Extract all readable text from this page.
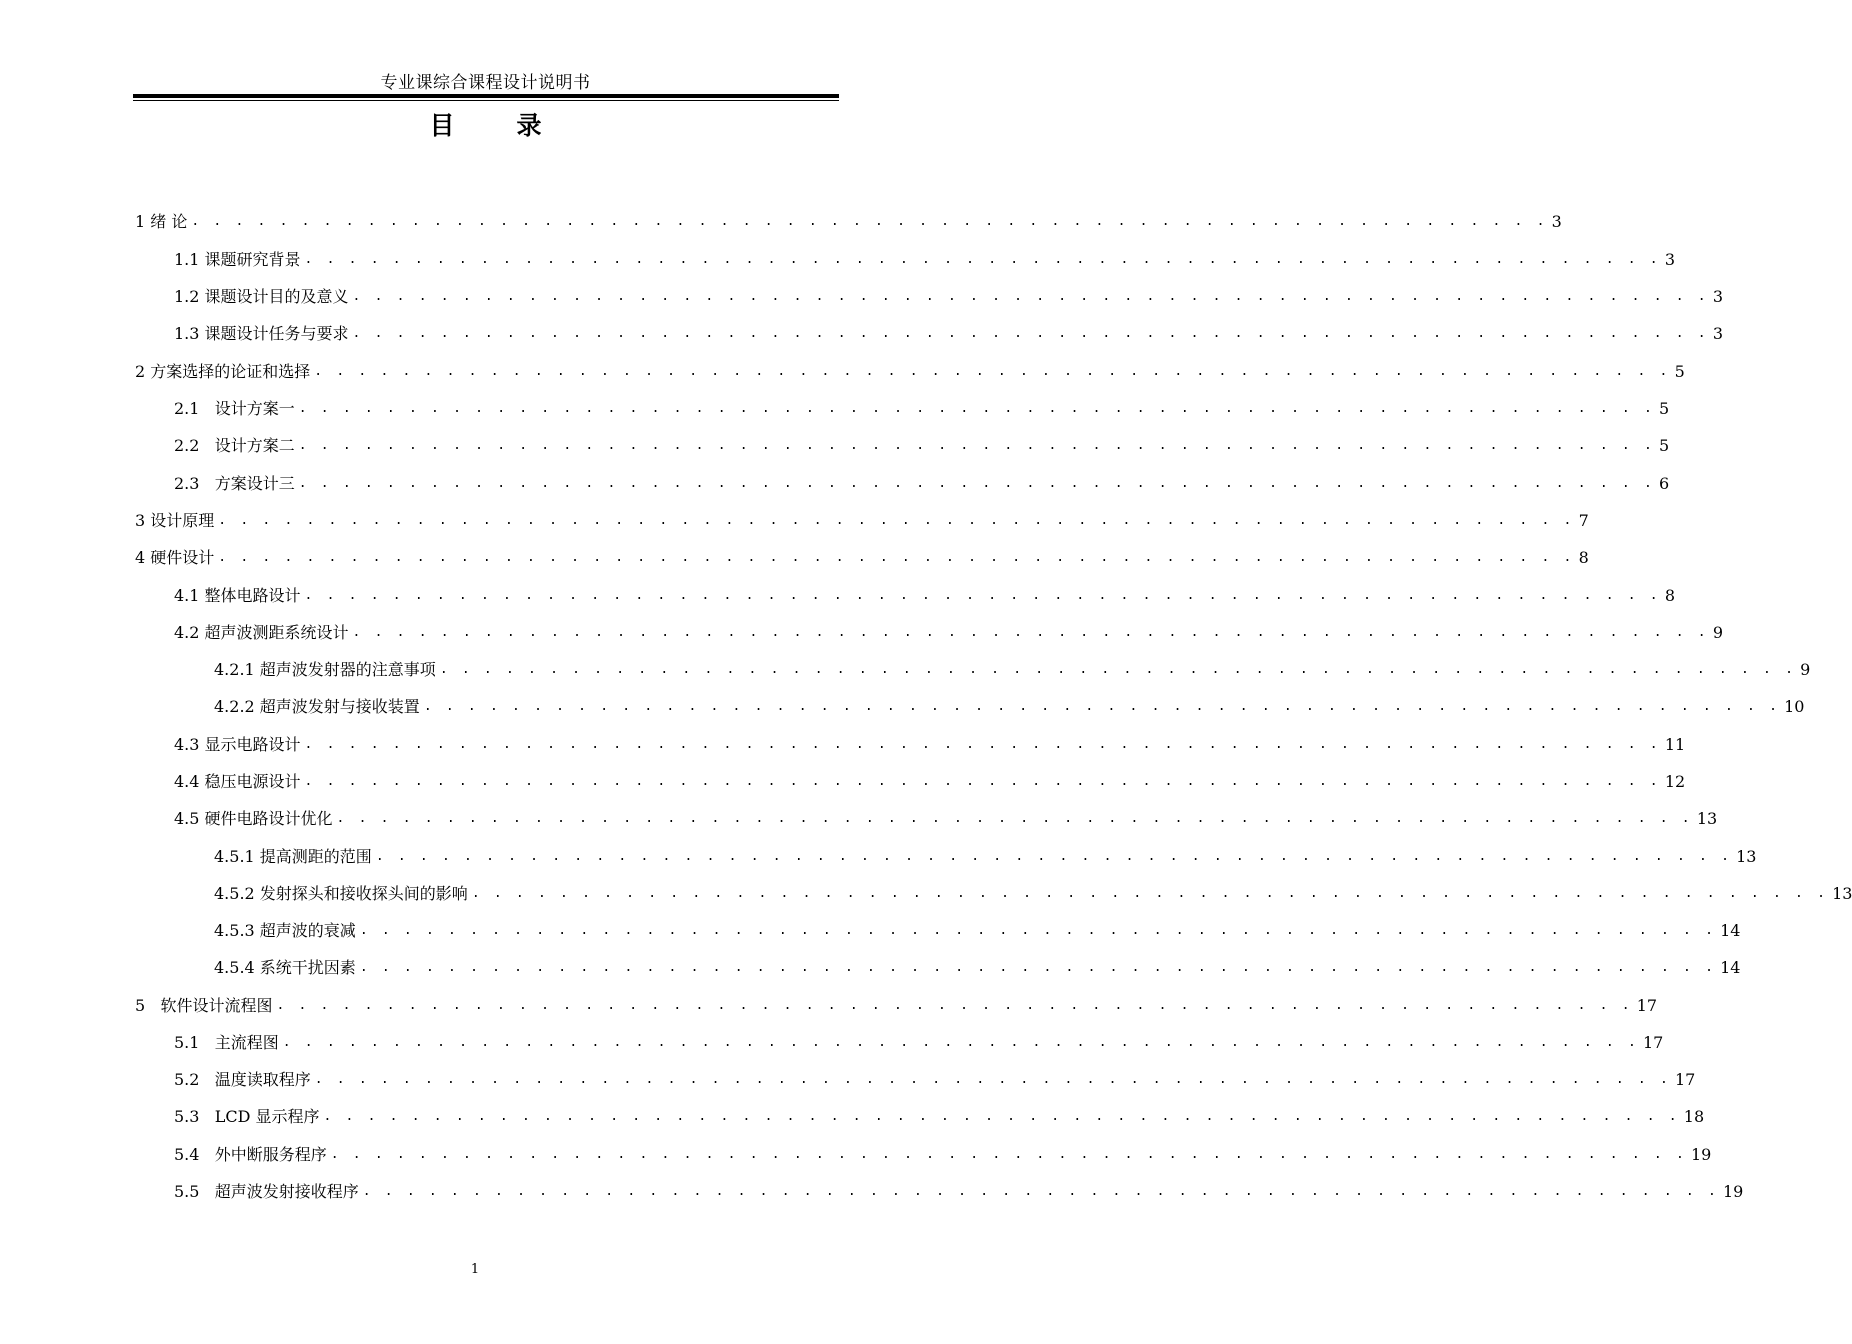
专业课综合课程设计说明书
目 录
1 绪 论 . . . . . . . . . . . . . . . . . . . . . . . . . . . . . . . . . . . . . . . . . . . . . . . . . . . . . . . . . . . . . . 3
1.1 课题研究背景 . . . . . . . . . . . . . . . . . . . . . . . . . . . . . . . . . . . . . . . . . . . . . . . . . . . . . . . . . . . . . . 3
1.2 课题设计目的及意义 . . . . . . . . . . . . . . . . . . . . . . . . . . . . . . . . . . . . . . . . . . . . . . . . . . . . . . . . . . . . . . 3
1.3 课题设计任务与要求 . . . . . . . . . . . . . . . . . . . . . . . . . . . . . . . . . . . . . . . . . . . . . . . . . . . . . . . . . . . . . . 3
2 方案选择的论证和选择 . . . . . . . . . . . . . . . . . . . . . . . . . . . . . . . . . . . . . . . . . . . . . . . . . . . . . . . . . . . . . . 5
2.1   设计方案一 . . . . . . . . . . . . . . . . . . . . . . . . . . . . . . . . . . . . . . . . . . . . . . . . . . . . . . . . . . . . . . 5
2.2   设计方案二 . . . . . . . . . . . . . . . . . . . . . . . . . . . . . . . . . . . . . . . . . . . . . . . . . . . . . . . . . . . . . . 5
2.3   方案设计三 . . . . . . . . . . . . . . . . . . . . . . . . . . . . . . . . . . . . . . . . . . . . . . . . . . . . . . . . . . . . . . 6
3 设计原理 . . . . . . . . . . . . . . . . . . . . . . . . . . . . . . . . . . . . . . . . . . . . . . . . . . . . . . . . . . . . . . 7
4 硬件设计 . . . . . . . . . . . . . . . . . . . . . . . . . . . . . . . . . . . . . . . . . . . . . . . . . . . . . . . . . . . . . . 8
4.1 整体电路设计 . . . . . . . . . . . . . . . . . . . . . . . . . . . . . . . . . . . . . . . . . . . . . . . . . . . . . . . . . . . . . . 8
4.2 超声波测距系统设计 . . . . . . . . . . . . . . . . . . . . . . . . . . . . . . . . . . . . . . . . . . . . . . . . . . . . . . . . . . . . . . 9
4.2.1 超声波发射器的注意事项 . . . . . . . . . . . . . . . . . . . . . . . . . . . . . . . . . . . . . . . . . . . . . . . . . . . . . . . . . . . . . . 9
4.2.2 超声波发射与接收装置 . . . . . . . . . . . . . . . . . . . . . . . . . . . . . . . . . . . . . . . . . . . . . . . . . . . . . . . . . . . . . . 10
4.3 显示电路设计 . . . . . . . . . . . . . . . . . . . . . . . . . . . . . . . . . . . . . . . . . . . . . . . . . . . . . . . . . . . . . . 11
4.4 稳压电源设计 . . . . . . . . . . . . . . . . . . . . . . . . . . . . . . . . . . . . . . . . . . . . . . . . . . . . . . . . . . . . . . 12
4.5 硬件电路设计优化 . . . . . . . . . . . . . . . . . . . . . . . . . . . . . . . . . . . . . . . . . . . . . . . . . . . . . . . . . . . . . . 13
4.5.1 提高测距的范围 . . . . . . . . . . . . . . . . . . . . . . . . . . . . . . . . . . . . . . . . . . . . . . . . . . . . . . . . . . . . . . 13
4.5.2 发射探头和接收探头间的影响 . . . . . . . . . . . . . . . . . . . . . . . . . . . . . . . . . . . . . . . . . . . . . . . . . . . . . . . . . . . . . . 13
4.5.3 超声波的衰减 . . . . . . . . . . . . . . . . . . . . . . . . . . . . . . . . . . . . . . . . . . . . . . . . . . . . . . . . . . . . . . 14
4.5.4 系统干扰因素 . . . . . . . . . . . . . . . . . . . . . . . . . . . . . . . . . . . . . . . . . . . . . . . . . . . . . . . . . . . . . . 14
5   软件设计流程图 . . . . . . . . . . . . . . . . . . . . . . . . . . . . . . . . . . . . . . . . . . . . . . . . . . . . . . . . . . . . . . 17
5.1   主流程图 . . . . . . . . . . . . . . . . . . . . . . . . . . . . . . . . . . . . . . . . . . . . . . . . . . . . . . . . . . . . . . 17
5.2   温度读取程序 . . . . . . . . . . . . . . . . . . . . . . . . . . . . . . . . . . . . . . . . . . . . . . . . . . . . . . . . . . . . . . 17
5.3   LCD 显示程序 . . . . . . . . . . . . . . . . . . . . . . . . . . . . . . . . . . . . . . . . . . . . . . . . . . . . . . . . . . . . . . 18
5.4   外中断服务程序 . . . . . . . . . . . . . . . . . . . . . . . . . . . . . . . . . . . . . . . . . . . . . . . . . . . . . . . . . . . . . . 19
5.5   超声波发射接收程序 . . . . . . . . . . . . . . . . . . . . . . . . . . . . . . . . . . . . . . . . . . . . . . . . . . . . . . . . . . . . . . 19
1
